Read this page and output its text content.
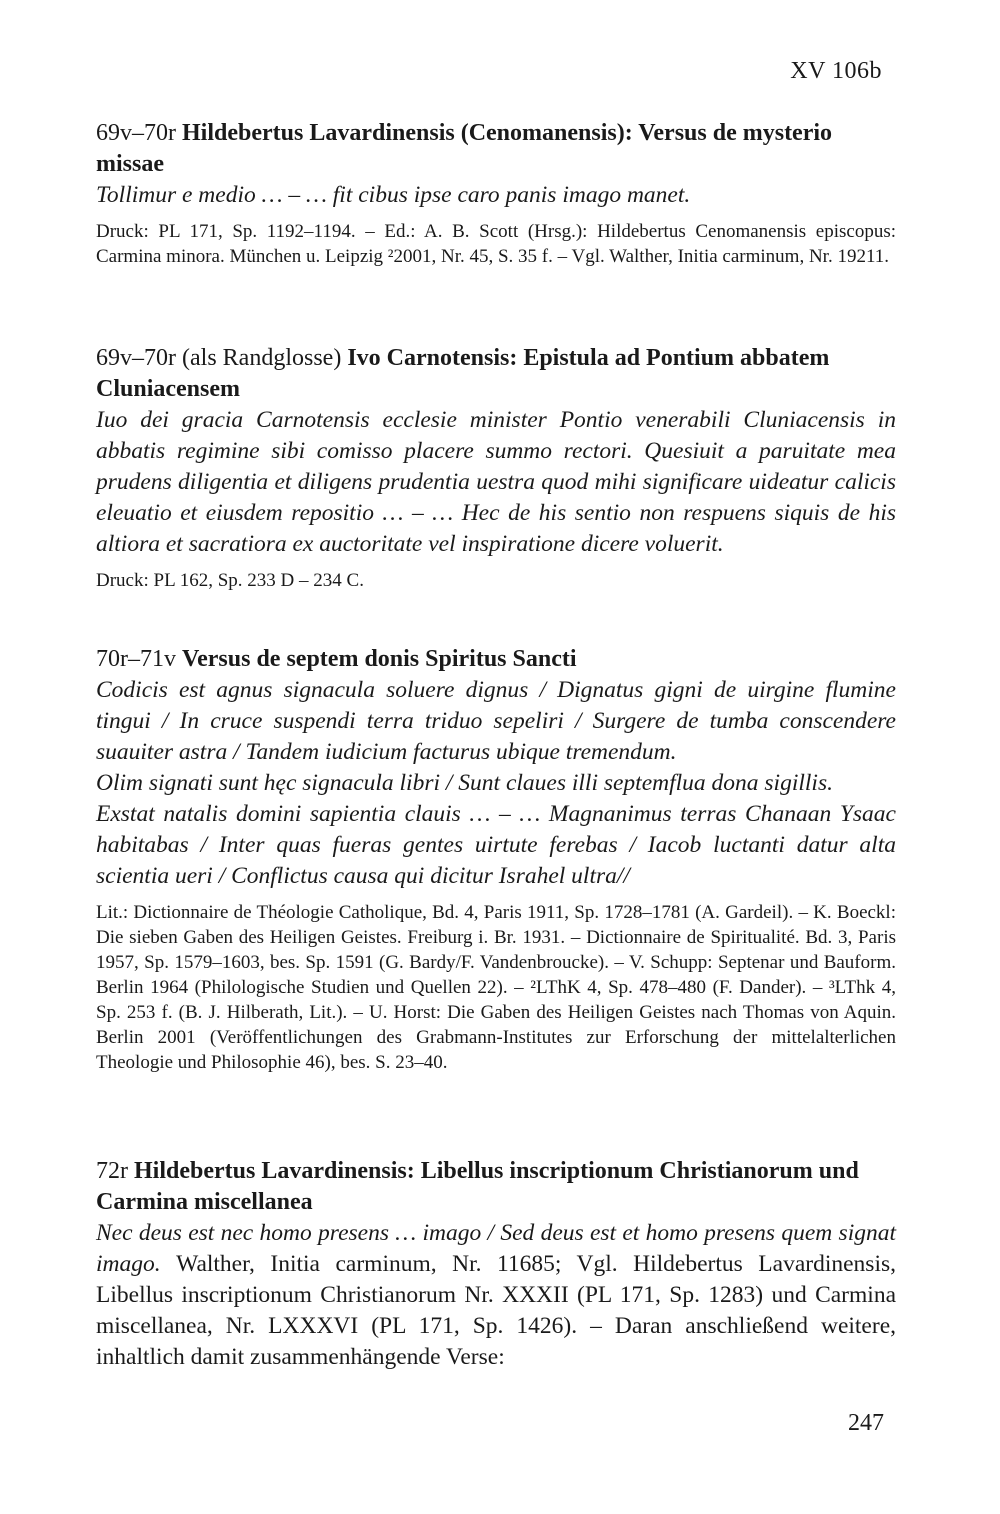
XV 106b

69v–70r Hildebertus Lavardinensis (Cenomanensis): Versus de mysterio missae

Tollimur e medio … – … fit cibus ipse caro panis imago manet.

Druck: PL 171, Sp. 1192–1194. – Ed.: A. B. Scott (Hrsg.): Hildebertus Cenomanensis episcopus: Carmina minora. München u. Leipzig ²2001, Nr. 45, S. 35 f. – Vgl. Walther, Initia carminum, Nr. 19211.

69v–70r (als Randglosse) Ivo Carnotensis: Epistula ad Pontium abbatem Cluniacensem

Iuo dei gracia Carnotensis ecclesie minister Pontio venerabili Cluniacensis in abbatis regimine sibi comisso placere summo rectori. Quesiuit a paruitate mea prudens diligentia et diligens prudentia uestra quod mihi significare uideatur calicis eleuatio et eiusdem repositio … – … Hec de his sentio non respuens siquis de his altiora et sacratiora ex auctoritate vel inspiratione dicere voluerit.

Druck: PL 162, Sp. 233 D – 234 C.

70r–71v Versus de septem donis Spiritus Sancti

Codicis est agnus signacula soluere dignus / Dignatus gigni de uirgine flumine tingui / In cruce suspendi terra triduo sepeliri / Surgere de tumba conscendere suauiter astra / Tandem iudicium facturus ubique tremendum.

Olim signati sunt hęc signacula libri / Sunt claues illi septemflua dona sigillis.

Exstat natalis domini sapientia clauis … – … Magnanimus terras Chanaan Ysaac habitabas / Inter quas fueras gentes uirtute ferebas / Iacob luctanti datur alta scientia ueri / Conflictus causa qui dicitur Israhel ultra//

Lit.: Dictionnaire de Théologie Catholique, Bd. 4, Paris 1911, Sp. 1728–1781 (A. Gardeil). – K. Boeckl: Die sieben Gaben des Heiligen Geistes. Freiburg i. Br. 1931. – Dictionnaire de Spiritualité. Bd. 3, Paris 1957, Sp. 1579–1603, bes. Sp. 1591 (G. Bardy/F. Vandenbroucke). – V. Schupp: Septenar und Bauform. Berlin 1964 (Philologische Studien und Quellen 22). – ²LThK 4, Sp. 478–480 (F. Dander). – ³LThk 4, Sp. 253 f. (B. J. Hilberath, Lit.). – U. Horst: Die Gaben des Heiligen Geistes nach Thomas von Aquin. Berlin 2001 (Veröffentlichungen des Grabmann-Institutes zur Erforschung der mittelalterlichen Theologie und Philosophie 46), bes. S. 23–40.

72r Hildebertus Lavardinensis: Libellus inscriptionum Christianorum und Carmina miscellanea

Nec deus est nec homo presens … imago / Sed deus est et homo presens quem signat imago. Walther, Initia carminum, Nr. 11685; Vgl. Hildebertus Lavardinensis, Libellus inscriptionum Christianorum Nr. XXXII (PL 171, Sp. 1283) und Carmina miscellanea, Nr. LXXXVI (PL 171, Sp. 1426). – Daran anschließend weitere, inhaltlich damit zusammenhängende Verse:

247
